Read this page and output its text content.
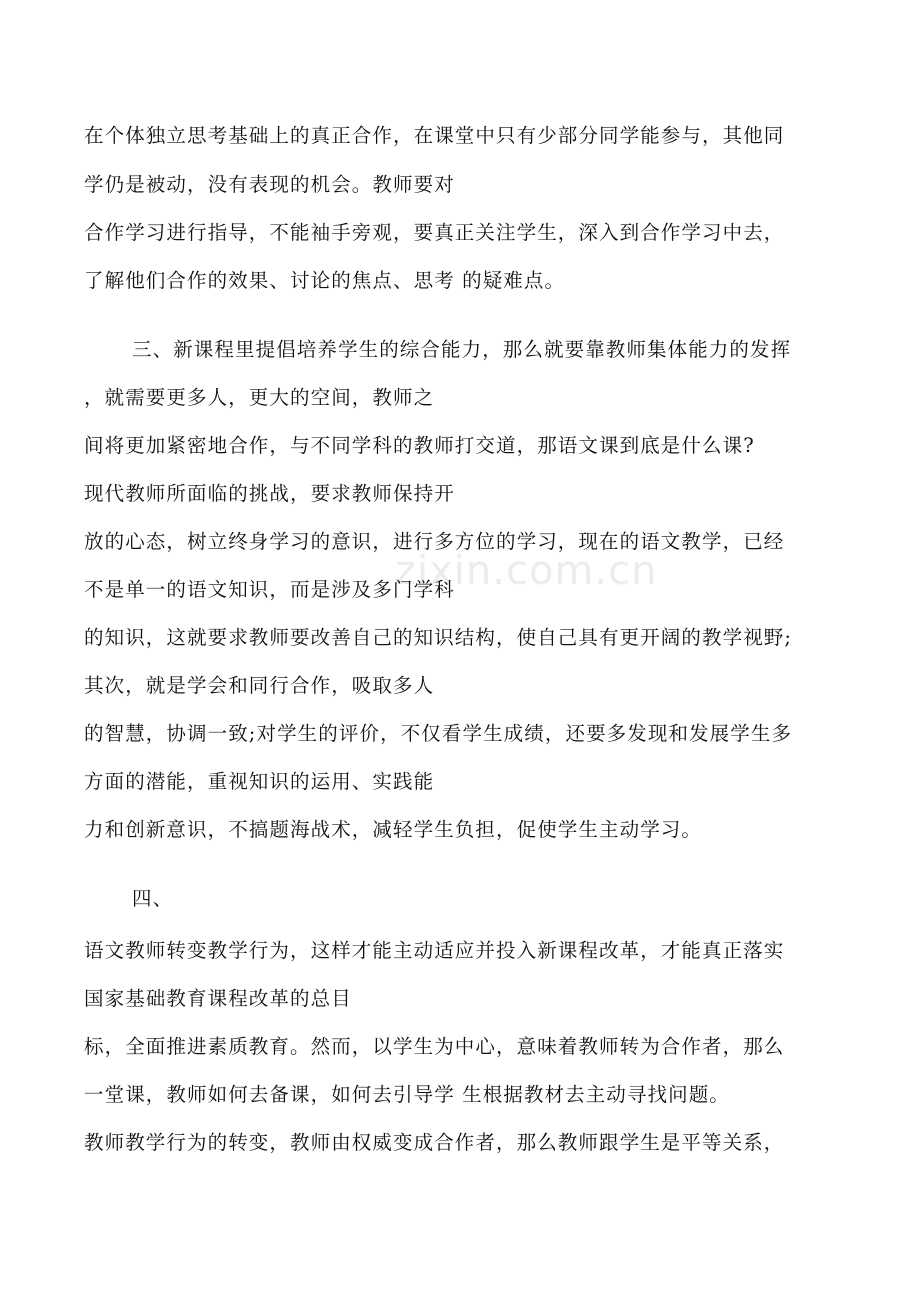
zixin.com.cn
在个体独立思考基础上的真正合作，在课堂中只有少部分同学能参与，其他同
学仍是被动，没有表现的机会。教师要对
合作学习进行指导，不能袖手旁观，要真正关注学生，深入到合作学习中去，
了解他们合作的效果、讨论的焦点、思考 的疑难点。
三、新课程里提倡培养学生的综合能力，那么就要靠教师集体能力的发挥
，就需要更多人，更大的空间，教师之
间将更加紧密地合作，与不同学科的教师打交道，那语文课到底是什么课?
现代教师所面临的挑战，要求教师保持开
放的心态，树立终身学习的意识，进行多方位的学习，现在的语文教学，已经
不是单一的语文知识，而是涉及多门学科
的知识，这就要求教师要改善自己的知识结构，使自己具有更开阔的教学视野;
其次，就是学会和同行合作，吸取多人
的智慧，协调一致;对学生的评价，不仅看学生成绩，还要多发现和发展学生多
方面的潜能，重视知识的运用、实践能
力和创新意识，不搞题海战术，减轻学生负担，促使学生主动学习。
四、
语文教师转变教学行为，这样才能主动适应并投入新课程改革，才能真正落实
国家基础教育课程改革的总目
标，全面推进素质教育。然而，以学生为中心，意味着教师转为合作者，那么
一堂课，教师如何去备课，如何去引导学 生根据教材去主动寻找问题。
教师教学行为的转变，教师由权威变成合作者，那么教师跟学生是平等关系，
